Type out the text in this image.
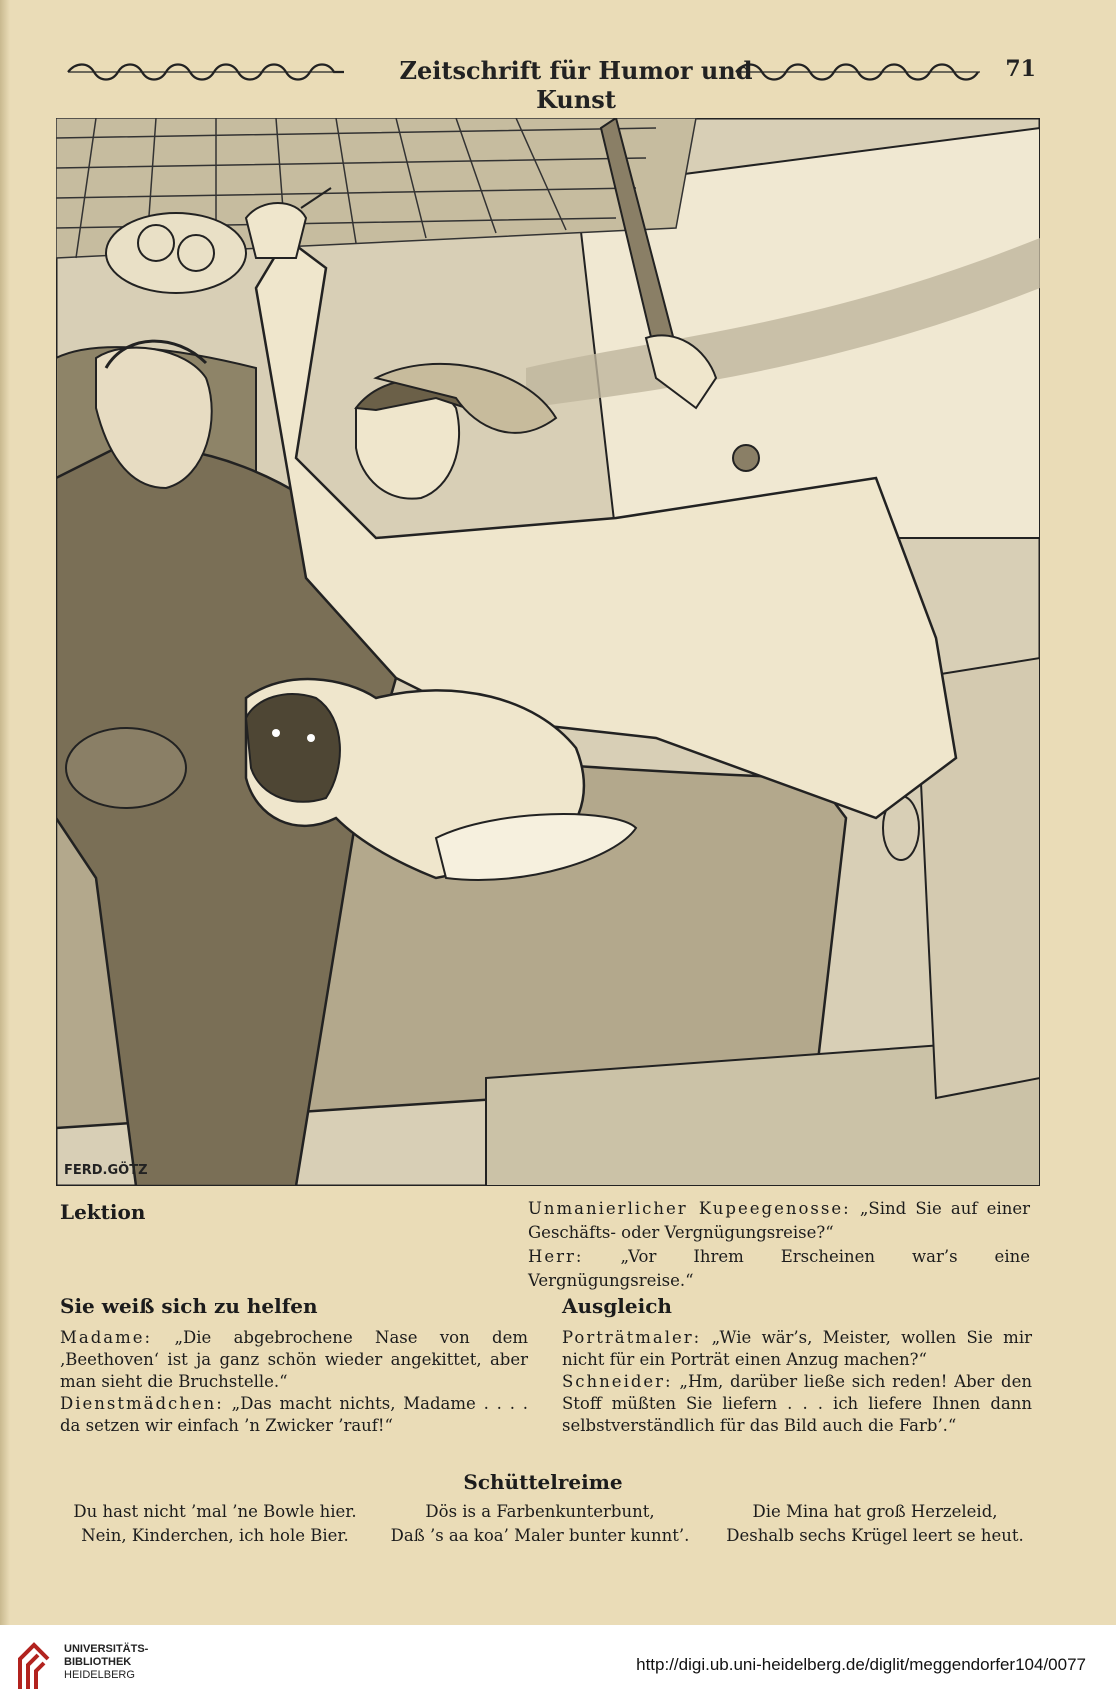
Zeitschrift für Humor und Kunst
71
FERD.GÖTZ
Lektion	Unmanierlicher Kupeegenosse: „Sind Sie auf einer Geschäfts- oder Vergnügungsreise?“

Herr: „Vor Ihrem Erscheinen war’s eine Vergnügungsreise.“

Sie weiß sich zu helfen

Madame: „Die abgebrochene Nase von dem ‚Beethoven‘ ist ja ganz schön wieder angekittet, aber man sieht die Bruchstelle.“

Dienstmädchen: „Das macht nichts, Madame . . . . da setzen wir einfach ’n Zwicker ’rauf!“

Ausgleich

Porträtmaler: „Wie wär’s, Meister, wollen Sie mir nicht für ein Porträt einen Anzug machen?“

Schneider: „Hm, darüber ließe sich reden! Aber den Stoff müßten Sie liefern . . . ich liefere Ihnen dann selbstverständlich für das Bild auch die Farb’.“

Schüttelreime
Du hast nicht ’mal ’ne Bowle hier.
Nein, Kinderchen, ich hole Bier.
Dös is a Farbenkunterbunt,
Daß ’s aa koa’ Maler bunter kunnt’.
Die Mina hat groß Herzeleid,
Deshalb sechs Krügel leert se heut.
UNIVERSITÄTS-
BIBLIOTHEK
HEIDELBERG
http://digi.ub.uni-heidelberg.de/diglit/meggendorfer104/0077
